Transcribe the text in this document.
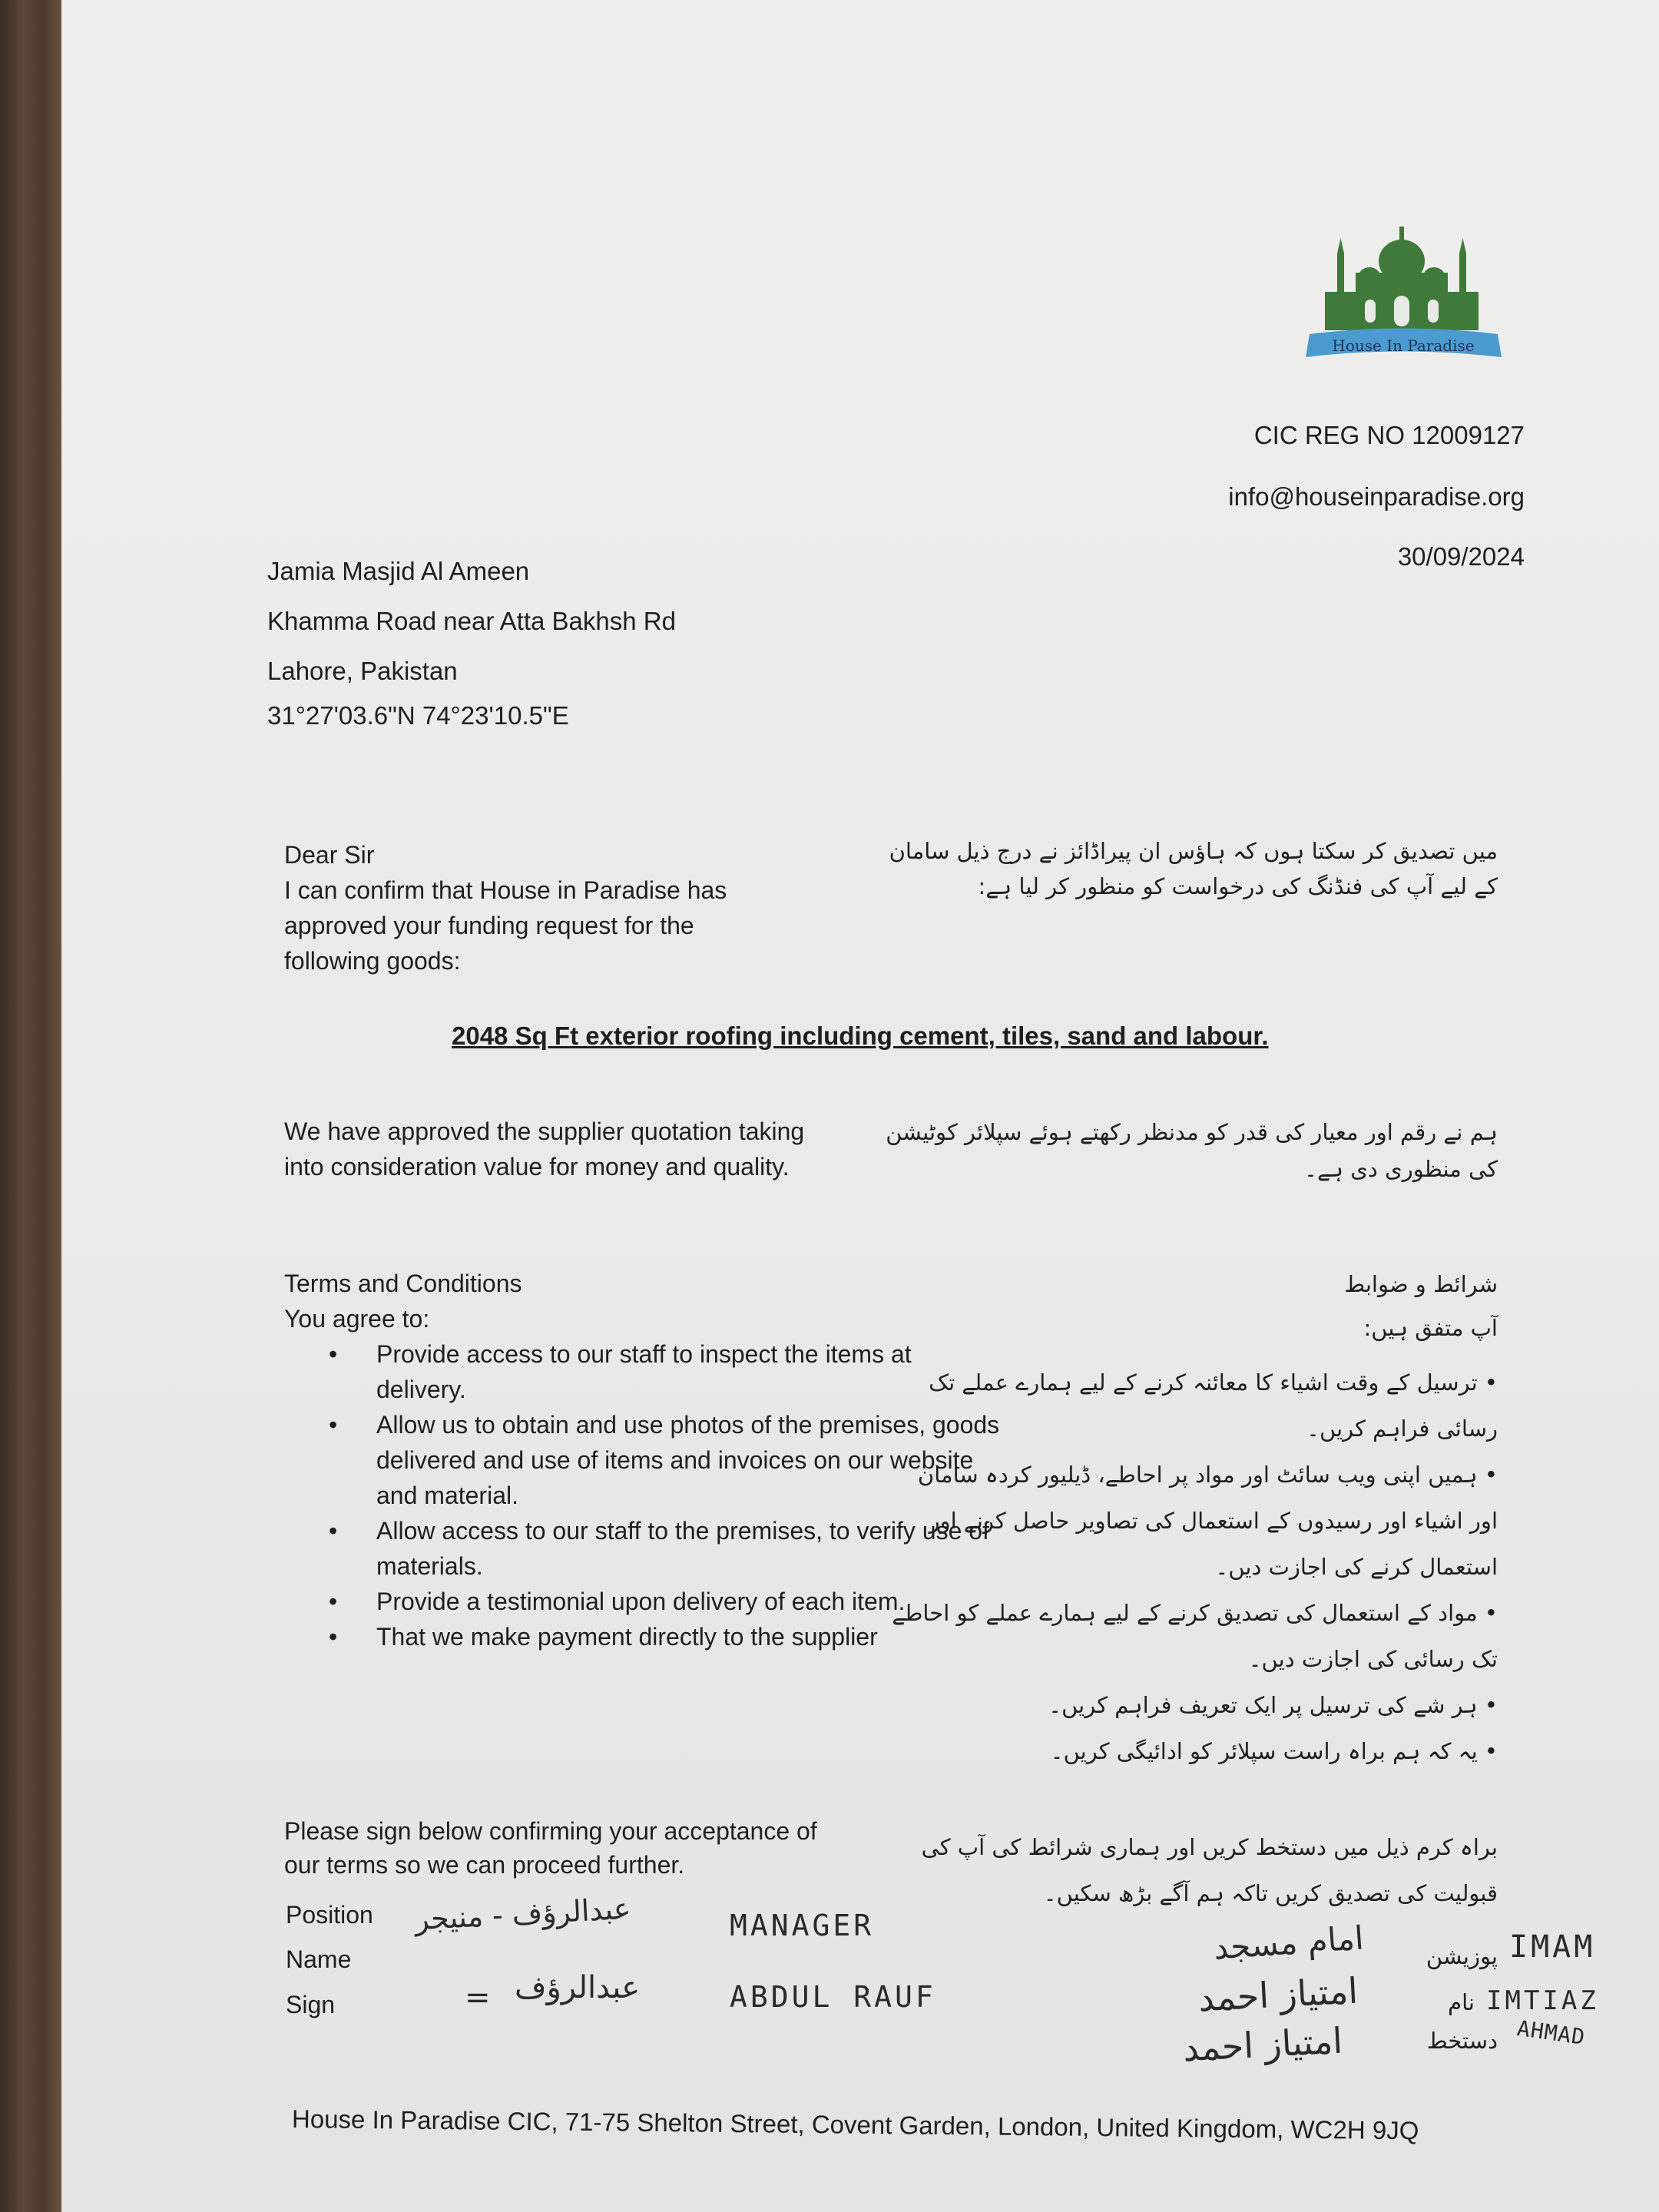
House In Paradise
CIC REG NO 12009127
info@houseinparadise.org
30/09/2024
Jamia Masjid Al Ameen
Khamma Road near Atta Bakhsh Rd
Lahore, Pakistan
31°27'03.6"N 74°23'10.5"E
Dear Sir
I can confirm that House in Paradise has approved your funding request for the following goods:
میں تصدیق کر سکتا ہوں کہ ہاؤس ان پیراڈائز نے درج ذیل سامان کے لیے آپ کی فنڈنگ کی درخواست کو منظور کر لیا ہے:
2048 Sq Ft exterior roofing including cement, tiles, sand and labour.
We have approved the supplier quotation taking into consideration value for money and quality.
ہم نے رقم اور معیار کی قدر کو مدنظر رکھتے ہوئے سپلائر کوٹیشن کی منظوری دی ہے۔
Terms and Conditions
You agree to:
• Provide access to our staff to inspect the items at delivery.
• Allow us to obtain and use photos of the premises, goods delivered and use of items and invoices on our website and material.
• Allow access to our staff to the premises, to verify use of materials.
• Provide a testimonial upon delivery of each item.
• That we make payment directly to the supplier
شرائط و ضوابط
آپ متفق ہیں:
• ترسیل کے وقت اشیاء کا معائنہ کرنے کے لیے ہمارے عملے تک رسائی فراہم کریں۔
• ہمیں اپنی ویب سائٹ اور مواد پر احاطے، ڈیلیور کردہ سامان اور اشیاء اور رسیدوں کے استعمال کی تصاویر حاصل کرنے اور استعمال کرنے کی اجازت دیں۔
• مواد کے استعمال کی تصدیق کرنے کے لیے ہمارے عملے کو احاطے تک رسائی کی اجازت دیں۔
• ہر شے کی ترسیل پر ایک تعریف فراہم کریں۔
• یہ کہ ہم براہ راست سپلائر کو ادائیگی کریں۔
Please sign below confirming your acceptance of our terms so we can proceed further.
براہ کرم ذیل میں دستخط کریں اور ہماری شرائط کی آپ کی قبولیت کی تصدیق کریں تاکہ ہم آگے بڑھ سکیں۔
Position
Name
Sign
عبدالرؤف - منیجر	MANAGER
= عبدالرؤف	ABDUL RAUF
پوزیشن
نام
دستخط
امام مسجد
امتیاز احمد
امتیاز احمد
IMAM
IMTIAZ
AHMAD
House In Paradise CIC, 71-75 Shelton Street, Covent Garden, London, United Kingdom, WC2H 9JQ
